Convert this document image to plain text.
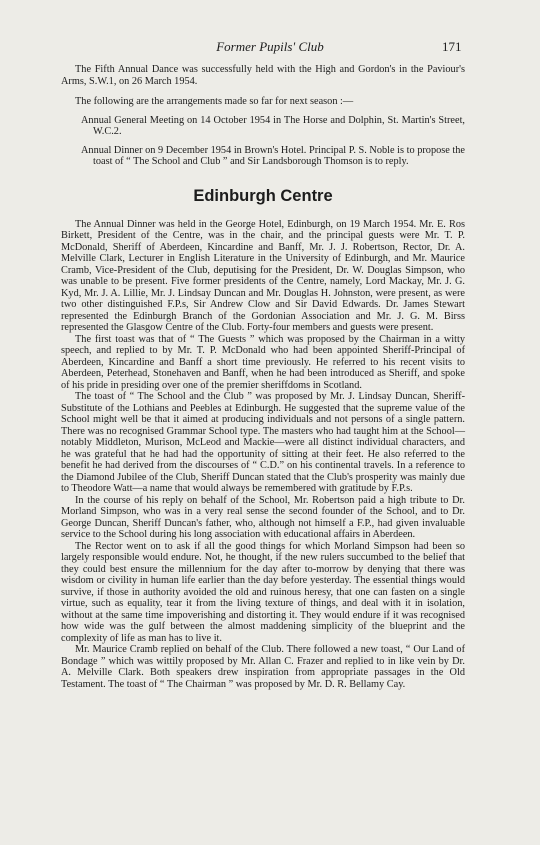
Former Pupils' Club	171

The Fifth Annual Dance was successfully held with the High and Gordon's in the Paviour's Arms, S.W.1, on 26 March 1954.

The following are the arrangements made so far for next season :—

Annual General Meeting on 14 October 1954 in The Horse and Dolphin, St. Martin's Street, W.C.2.

Annual Dinner on 9 December 1954 in Brown's Hotel. Principal P. S. Noble is to propose the toast of “ The School and Club ” and Sir Landsborough Thomson is to reply.

Edinburgh Centre

The Annual Dinner was held in the George Hotel, Edinburgh, on 19 March 1954. Mr. E. Ros Birkett, President of the Centre, was in the chair, and the principal guests were Mr. T. P. McDonald, Sheriff of Aberdeen, Kincardine and Banff, Mr. J. J. Robertson, Rector, Dr. A. Melville Clark, Lecturer in English Literature in the University of Edinburgh, and Mr. Maurice Cramb, Vice-President of the Club, deputising for the President, Dr. W. Douglas Simpson, who was unable to be present. Five former presidents of the Centre, namely, Lord Mackay, Mr. J. G. Kyd, Mr. J. A. Lillie, Mr. J. Lindsay Duncan and Mr. Douglas H. Johnston, were present, as were two other distinguished F.P.s, Sir Andrew Clow and Sir David Edwards. Dr. James Stewart represented the Edinburgh Branch of the Gordonian Association and Mr. J. G. M. Birss represented the Glasgow Centre of the Club. Forty-four members and guests were present.

The first toast was that of “ The Guests ” which was proposed by the Chairman in a witty speech, and replied to by Mr. T. P. McDonald who had been appointed Sheriff-Principal of Aberdeen, Kincardine and Banff a short time previously. He referred to his recent visits to Aberdeen, Peterhead, Stonehaven and Banff, when he had been introduced as Sheriff, and spoke of his pride in presiding over one of the premier sheriffdoms in Scotland.

The toast of “ The School and the Club ” was proposed by Mr. J. Lindsay Duncan, Sheriff-Substitute of the Lothians and Peebles at Edinburgh. He suggested that the supreme value of the School might well be that it aimed at producing individuals and not persons of a single pattern. There was no recognised Grammar School type. The masters who had taught him at the School—notably Middleton, Murison, McLeod and Mackie—were all distinct individual characters, and he was grateful that he had had the opportunity of sitting at their feet. He also referred to the benefit he had derived from the discourses of “ C.D.” on his continental travels. In a reference to the Diamond Jubilee of the Club, Sheriff Duncan stated that the Club's prosperity was mainly due to Theodore Watt—a name that would always be remembered with gratitude by F.P.s.

In the course of his reply on behalf of the School, Mr. Robertson paid a high tribute to Dr. Morland Simpson, who was in a very real sense the second founder of the School, and to Dr. George Duncan, Sheriff Duncan's father, who, although not himself a F.P., had given invaluable service to the School during his long association with educational affairs in Aberdeen.

The Rector went on to ask if all the good things for which Morland Simpson had been so largely responsible would endure. Not, he thought, if the new rulers succumbed to the belief that they could best ensure the millennium for the day after to-morrow by denying that there was wisdom or civility in human life earlier than the day before yesterday. The essential things would survive, if those in authority avoided the old and ruinous heresy, that one can fasten on a single virtue, such as equality, tear it from the living texture of things, and deal with it in isolation, without at the same time impoverishing and distorting it. They would endure if it was recognised how wide was the gulf between the almost maddening simplicity of the blueprint and the complexity of life as man has to live it.

Mr. Maurice Cramb replied on behalf of the Club. There followed a new toast, “ Our Land of Bondage ” which was wittily proposed by Mr. Allan C. Frazer and replied to in like vein by Dr. A. Melville Clark. Both speakers drew inspiration from appropriate passages in the Old Testament. The toast of “ The Chairman ” was proposed by Mr. D. R. Bellamy Cay.
